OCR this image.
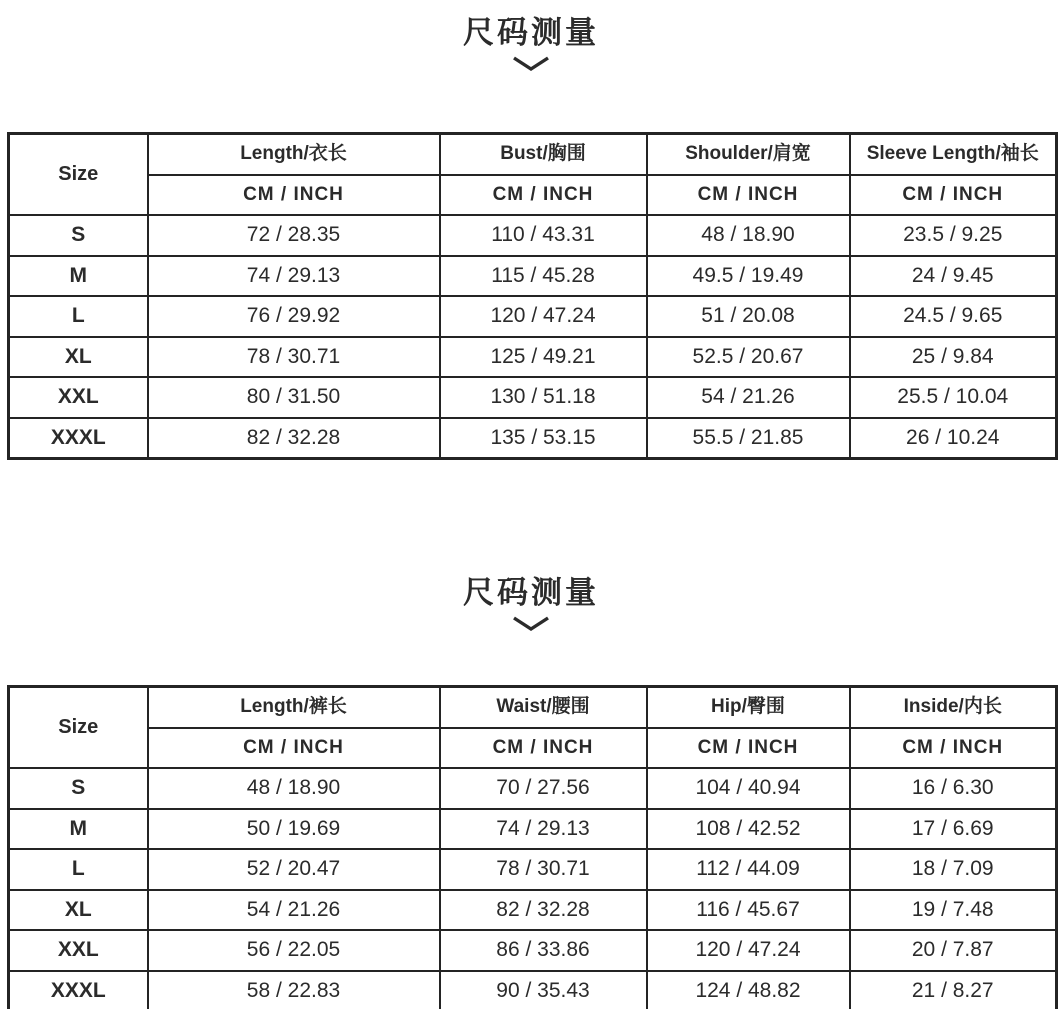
尺码测量
Size	Length/衣长	Bust/胸围	Shoulder/肩宽	Sleeve Length/袖长
	CM / INCH	CM / INCH	CM / INCH	CM / INCH
S	72 / 28.35	110 / 43.31	48 / 18.90	23.5 / 9.25
M	74 / 29.13	115 / 45.28	49.5 / 19.49	24 / 9.45
L	76 / 29.92	120 / 47.24	51 / 20.08	24.5 / 9.65
XL	78 / 30.71	125 / 49.21	52.5 / 20.67	25 / 9.84
XXL	80 / 31.50	130 / 51.18	54 / 21.26	25.5 / 10.04
XXXL	82 / 32.28	135 / 53.15	55.5 / 21.85	26 / 10.24
尺码测量
Size	Length/裤长	Waist/腰围	Hip/臀围	Inside/内长
	CM / INCH	CM / INCH	CM / INCH	CM / INCH
S	48 / 18.90	70 / 27.56	104 / 40.94	16 / 6.30
M	50 / 19.69	74 / 29.13	108 / 42.52	17 / 6.69
L	52 / 20.47	78 / 30.71	112 / 44.09	18 / 7.09
XL	54 / 21.26	82 / 32.28	116 / 45.67	19 / 7.48
XXL	56 / 22.05	86 / 33.86	120 / 47.24	20 / 7.87
XXXL	58 / 22.83	90 / 35.43	124 / 48.82	21 / 8.27
